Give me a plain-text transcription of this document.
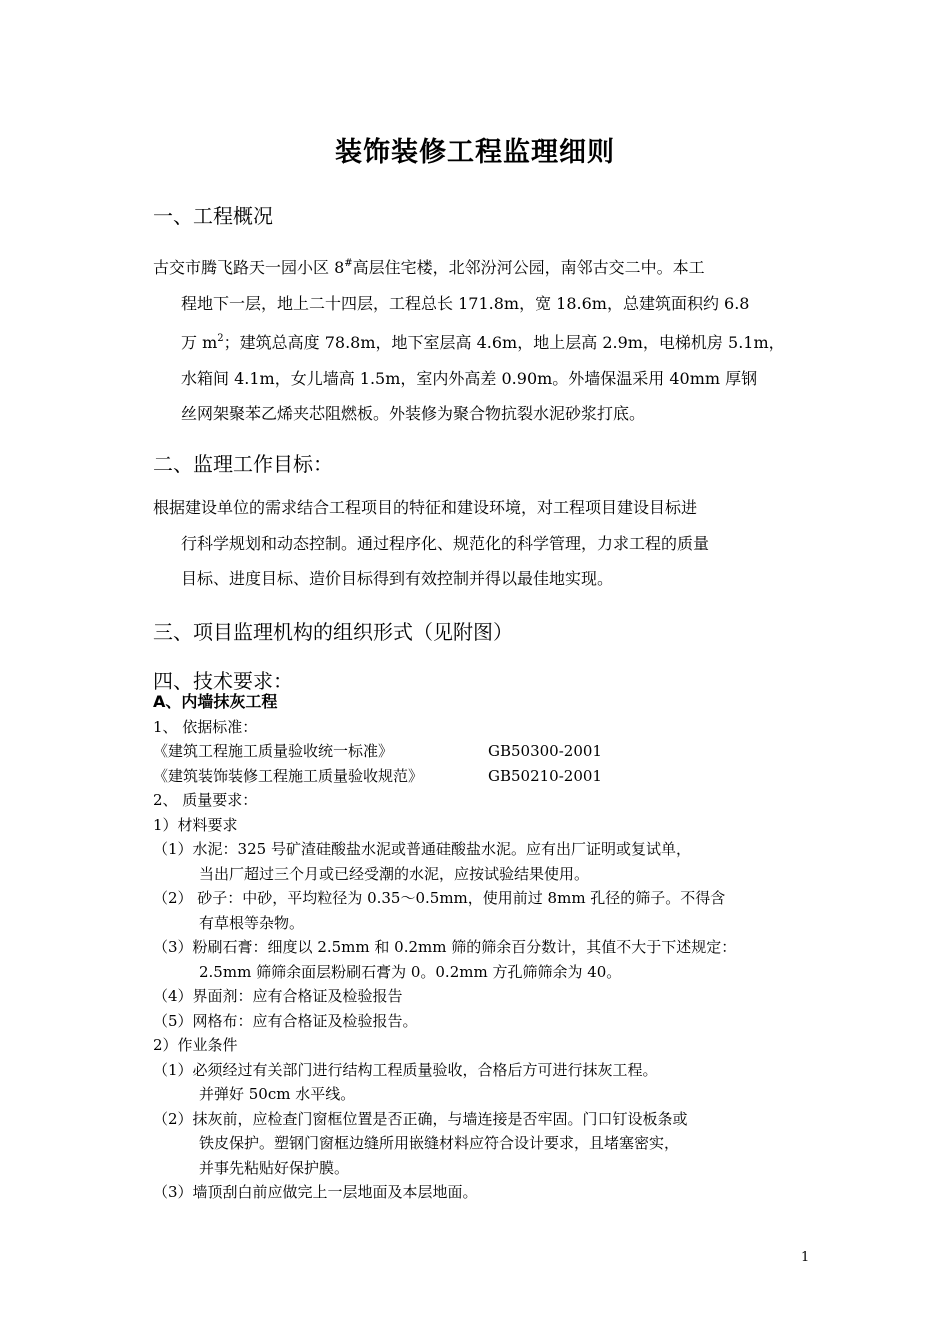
装饰装修工程监理细则
一、工程概况
古交市腾飞路天一园小区 8#高层住宅楼，北邻汾河公园，南邻古交二中。本工
程地下一层，地上二十四层，工程总长 171.8m，宽 18.6m，总建筑面积约 6.8
万 $m^2$；建筑总高度 78.8m，地下室层高 4.6m，地上层高 2.9m，电梯机房 5.1m，
水箱间 4.1m，女儿墙高 1.5m，室内外高差 0.90m。外墙保温采用 40mm 厚钢
丝网架聚苯乙烯夹芯阻燃板。外装修为聚合物抗裂水泥砂浆打底。
二、监理工作目标：
根据建设单位的需求结合工程项目的特征和建设环境，对工程项目建设目标进
行科学规划和动态控制。通过程序化、规范化的科学管理，力求工程的质量
目标、进度目标、造价目标得到有效控制并得以最佳地实现。
三、项目监理机构的组织形式（见附图）
四、技术要求：
A、内墙抹灰工程
1、 依据标准：
《建筑工程施工质量验收统一标准》	GB50300-2001
《建筑装饰装修工程施工质量验收规范》	GB50210-2001
2、 质量要求：
1）材料要求
（1）水泥：325 号矿渣硅酸盐水泥或普通硅酸盐水泥。应有出厂证明或复试单，
当出厂超过三个月或已经受潮的水泥，应按试验结果使用。
（2） 砂子：中砂，平均粒径为 0.35～0.5mm，使用前过 8mm 孔径的筛子。不得含
有草根等杂物。
（3）粉刷石膏：细度以 2.5mm 和 0.2mm 筛的筛余百分数计，其值不大于下述规定：
2.5mm 筛筛余面层粉刷石膏为 0。0.2mm 方孔筛筛余为 40。
（4）界面剂：应有合格证及检验报告
（5）网格布：应有合格证及检验报告。
2）作业条件
（1）必须经过有关部门进行结构工程质量验收，合格后方可进行抹灰工程。
并弹好 50cm 水平线。
（2）抹灰前，应检查门窗框位置是否正确，与墙连接是否牢固。门口钉设板条或
铁皮保护。塑钢门窗框边缝所用嵌缝材料应符合设计要求，且堵塞密实，
并事先粘贴好保护膜。
（3）墙顶刮白前应做完上一层地面及本层地面。
1
